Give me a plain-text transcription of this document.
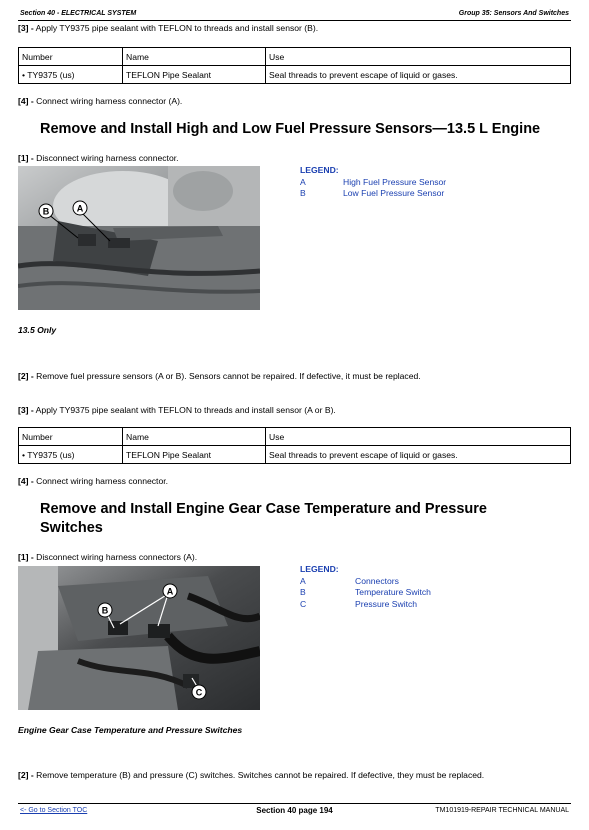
Section 40 - ELECTRICAL SYSTEM	Group 35: Sensors And Switches
[3] - Apply TY9375 pipe sealant with TEFLON to threads and install sensor (B).
Number	Name	Use
• TY9375 (us)	TEFLON Pipe Sealant	Seal threads to prevent escape of liquid or gases.
[4] - Connect wiring harness connector (A).
Remove and Install High and Low Fuel Pressure Sensors—13.5 L Engine
[1] - Disconnect wiring harness connector.
B	A
LEGEND:
A	High Fuel Pressure Sensor
B	Low Fuel Pressure Sensor
13.5 Only
[2] - Remove fuel pressure sensors (A or B). Sensors cannot be repaired. If defective, it must be replaced.
[3] - Apply TY9375 pipe sealant with TEFLON to threads and install sensor (A or B).
Number	Name	Use
• TY9375 (us)	TEFLON Pipe Sealant	Seal threads to prevent escape of liquid or gases.
[4] - Connect wiring harness connector.
Remove and Install Engine Gear Case Temperature and Pressure
Switches
[1] - Disconnect wiring harness connectors (A).
A
B
C
LEGEND:
A	Connectors
B	Temperature Switch
C	Pressure Switch
Engine Gear Case Temperature and Pressure Switches
[2] - Remove temperature (B) and pressure (C) switches. Switches cannot be repaired. If defective, they must be replaced.
<- Go to Section TOC	Section 40 page 194	TM101919-REPAIR TECHNICAL MANUAL
